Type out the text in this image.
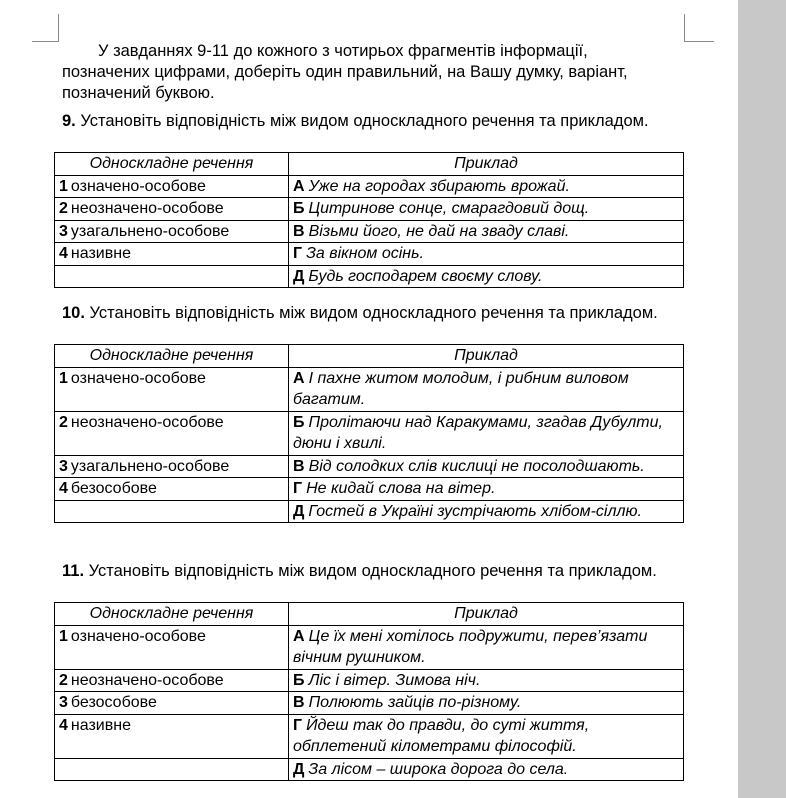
У завданнях 9-11 до кожного з чотирьох фрагментів інформації,
позначених цифрами, доберіть один правильний, на Вашу думку, варіант,
позначений буквою.
9. Установіть відповідність між видом односкладного речення та прикладом.
Односкладне речення	Приклад
1 означено-особове	А Уже на городах збирають врожай.
2 неозначено-особове	Б Цитринове сонце, смарагдовий дощ.
3 узагальнено-особове	В Візьми його, не дай на зваду славі.
4 називне	Г За вікном осінь.
	Д Будь господарем своєму слову.
10. Установіть відповідність між видом односкладного речення та прикладом.
Односкладне речення	Приклад
1 означено-особове	А І пахне житом молодим, і рибним виловом багатим.
2 неозначено-особове	Б Пролітаючи над Каракумами, згадав Дубулти, дюни і хвилі.
3 узагальнено-особове	В Від солодких слів кислиці не посолодшають.
4 безособове	Г Не кидай слова на вітер.
	Д Гостей в Україні зустрічають хлібом-сіллю.
11. Установіть відповідність між видом односкладного речення та прикладом.
Односкладне речення	Приклад
1 означено-особове	А Це їх мені хотілось подружити, перев’язати вічним рушником.
2 неозначено-особове	Б Ліс і вітер. Зимова ніч.
3 безособове	В Полюють зайців по-різному.
4 називне	Г Йдеш так до правди, до суті життя, обплетений кілометрами філософій.
	Д За лісом – широка дорога до села.
